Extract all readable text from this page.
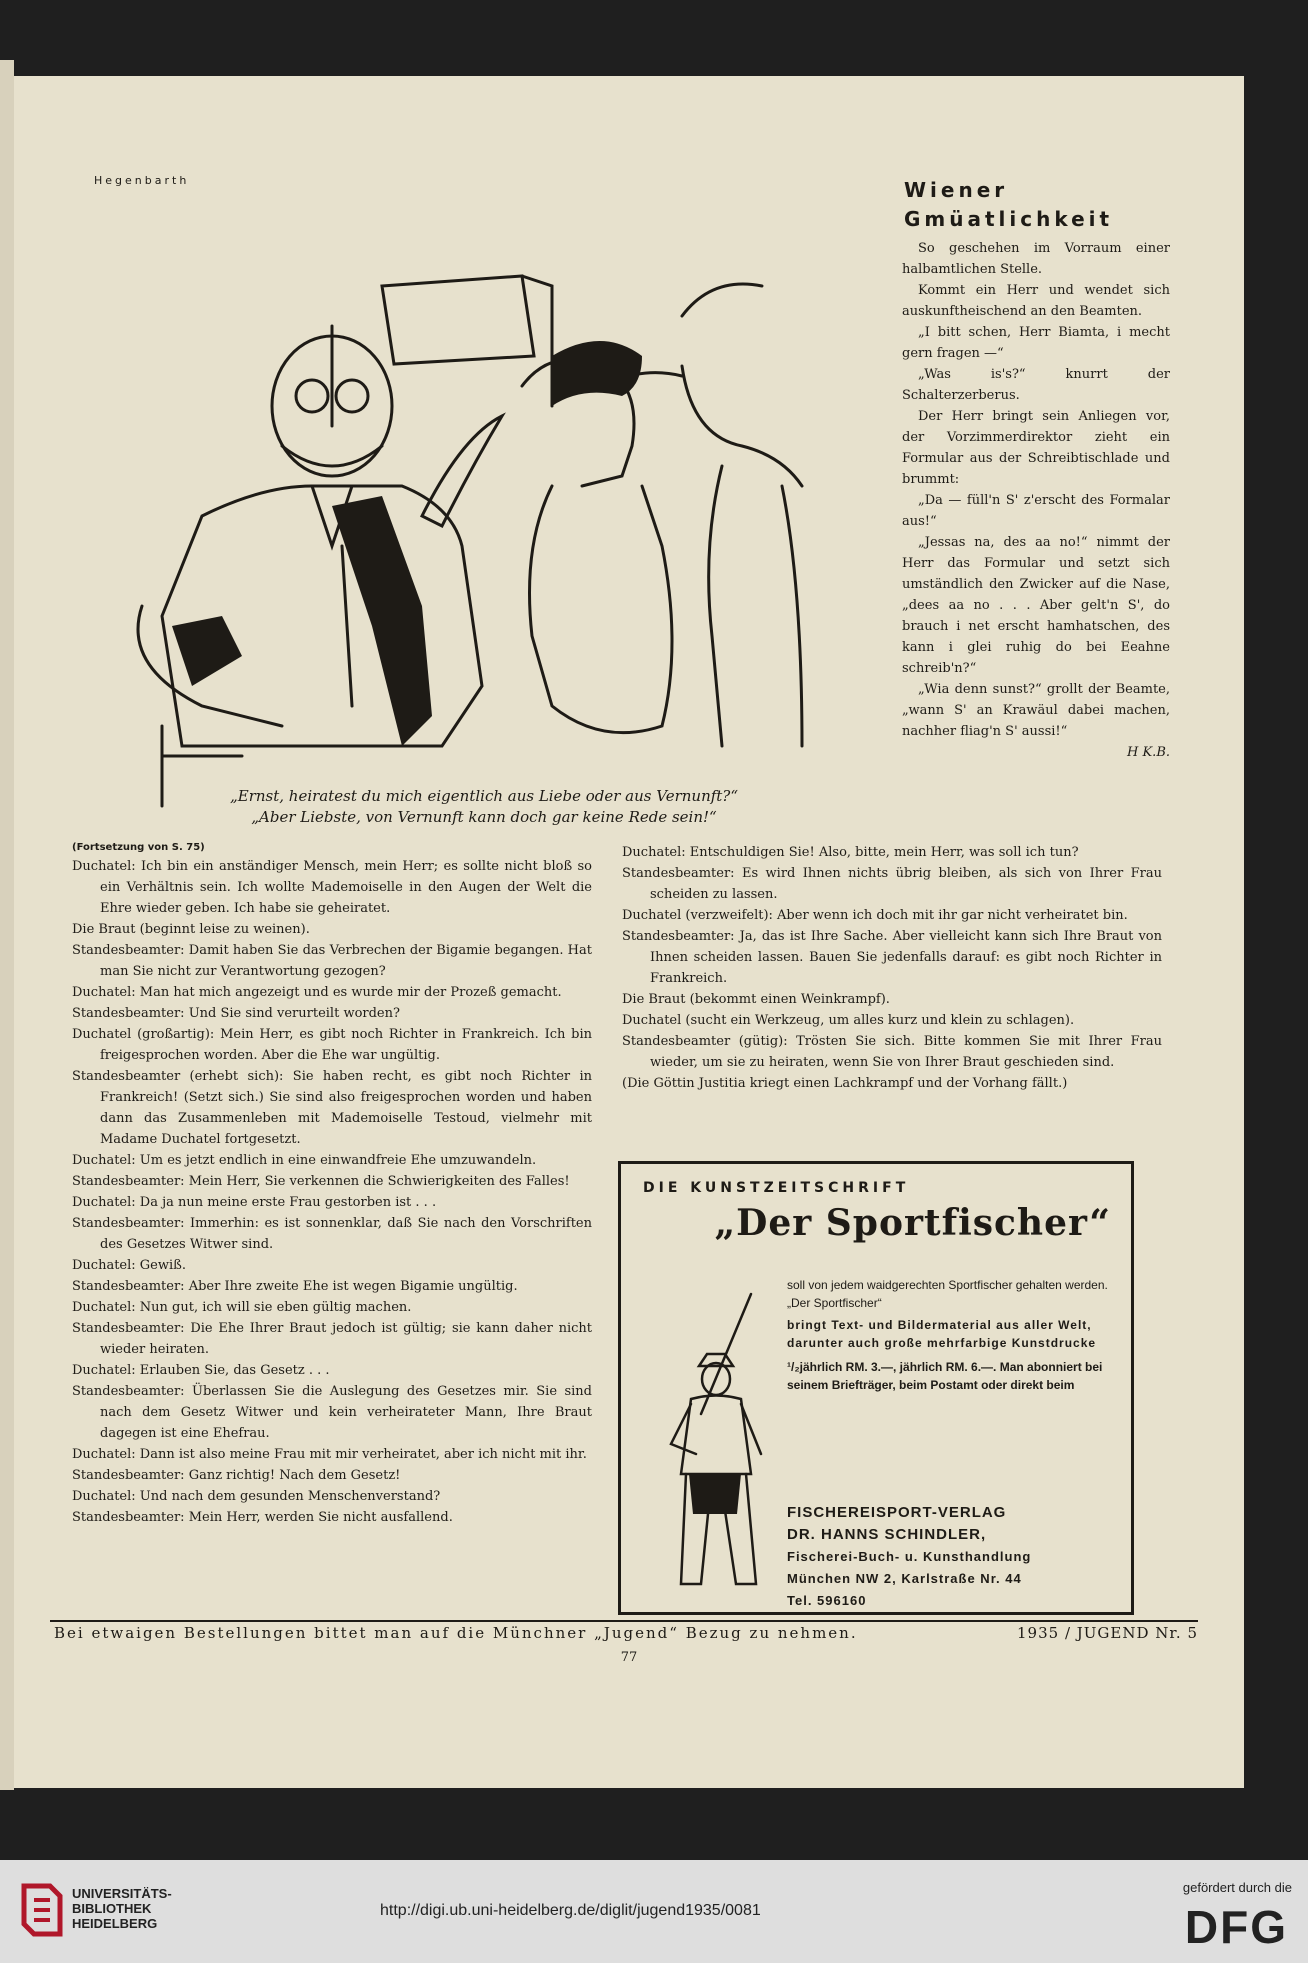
Hegenbarth
„Ernst, heiratest du mich eigentlich aus Liebe oder aus Vernunft?“
„Aber Liebste, von Vernunft kann doch gar keine Rede sein!“
Wiener
Gmüatlichkeit

So geschehen im Vorraum einer halbamtlichen Stelle.

Kommt ein Herr und wendet sich auskunftheischend an den Beamten.

„I bitt schen, Herr Biamta, i mecht gern fragen —“

„Was is's?“ knurrt der Schalterzerberus.

Der Herr bringt sein Anliegen vor, der Vorzimmerdirektor zieht ein Formular aus der Schreibtischlade und brummt:

„Da — füll'n S' z'erscht des Formalar aus!“

„Jessas na, des aa no!“ nimmt der Herr das Formular und setzt sich umständlich den Zwicker auf die Nase, „dees aa no . . . Aber gelt'n S', do brauch i net erscht hamhatschen, des kann i glei ruhig do bei Eeahne schreib'n?“

„Wia denn sunst?“ grollt der Beamte, „wann S' an Krawäul dabei machen, nachher fliag'n S' aussi!“

H K.B.

(Fortsetzung von S. 75)

Duchatel: Ich bin ein anständiger Mensch, mein Herr; es sollte nicht bloß so ein Verhältnis sein. Ich wollte Mademoiselle in den Augen der Welt die Ehre wieder geben. Ich habe sie geheiratet.

Die Braut (beginnt leise zu weinen).

Standesbeamter: Damit haben Sie das Verbrechen der Bigamie begangen. Hat man Sie nicht zur Verantwortung gezogen?

Duchatel: Man hat mich angezeigt und es wurde mir der Prozeß gemacht.

Standesbeamter: Und Sie sind verurteilt worden?

Duchatel (großartig): Mein Herr, es gibt noch Richter in Frankreich. Ich bin freigesprochen worden. Aber die Ehe war ungültig.

Standesbeamter (erhebt sich): Sie haben recht, es gibt noch Richter in Frankreich! (Setzt sich.) Sie sind also freigesprochen worden und haben dann das Zusammenleben mit Mademoiselle Testoud, vielmehr mit Madame Duchatel fortgesetzt.

Duchatel: Um es jetzt endlich in eine einwandfreie Ehe umzuwandeln.

Standesbeamter: Mein Herr, Sie verkennen die Schwierigkeiten des Falles!

Duchatel: Da ja nun meine erste Frau gestorben ist . . .

Standesbeamter: Immerhin: es ist sonnenklar, daß Sie nach den Vorschriften des Gesetzes Witwer sind.

Duchatel: Gewiß.

Standesbeamter: Aber Ihre zweite Ehe ist wegen Bigamie ungültig.

Duchatel: Nun gut, ich will sie eben gültig machen.

Standesbeamter: Die Ehe Ihrer Braut jedoch ist gültig; sie kann daher nicht wieder heiraten.

Duchatel: Erlauben Sie, das Gesetz . . .

Standesbeamter: Überlassen Sie die Auslegung des Gesetzes mir. Sie sind nach dem Gesetz Witwer und kein verheirateter Mann, Ihre Braut dagegen ist eine Ehefrau.

Duchatel: Dann ist also meine Frau mit mir verheiratet, aber ich nicht mit ihr.

Standesbeamter: Ganz richtig! Nach dem Gesetz!

Duchatel: Und nach dem gesunden Menschenverstand?

Standesbeamter: Mein Herr, werden Sie nicht ausfallend.

Duchatel: Entschuldigen Sie! Also, bitte, mein Herr, was soll ich tun?

Standesbeamter: Es wird Ihnen nichts übrig bleiben, als sich von Ihrer Frau scheiden zu lassen.

Duchatel (verzweifelt): Aber wenn ich doch mit ihr gar nicht verheiratet bin.

Standesbeamter: Ja, das ist Ihre Sache. Aber vielleicht kann sich Ihre Braut von Ihnen scheiden lassen. Bauen Sie jedenfalls darauf: es gibt noch Richter in Frankreich.

Die Braut (bekommt einen Weinkrampf).

Duchatel (sucht ein Werkzeug, um alles kurz und klein zu schlagen).

Standesbeamter (gütig): Trösten Sie sich. Bitte kommen Sie mit Ihrer Frau wieder, um sie zu heiraten, wenn Sie von Ihrer Braut geschieden sind.

(Die Göttin Justitia kriegt einen Lachkrampf und der Vorhang fällt.)

DIE KUNSTZEITSCHRIFT
„Der Sportfischer“

soll von jedem waidgerechten Sportfischer gehalten werden. „Der Sportfischer“

bringt Text- und Bildermaterial aus aller Welt, darunter auch große mehrfarbige Kunstdrucke

¹/₂jährlich RM. 3.—, jährlich RM. 6.—. Man abonniert bei seinem Briefträger, beim Postamt oder direkt beim

FISCHEREISPORT-VERLAG
DR. HANNS SCHINDLER,
Fischerei-Buch- u. Kunsthandlung
München NW 2, Karlstraße Nr. 44
Tel. 596160
Bei etwaigen Bestellungen bittet man auf die Münchner „Jugend“ Bezug zu nehmen.	1935 / JUGEND Nr. 5
77
UNIVERSITÄTS-
BIBLIOTHEK
HEIDELBERG
http://digi.ub.uni-heidelberg.de/diglit/jugend1935/0081
gefördert durch die
DFG
